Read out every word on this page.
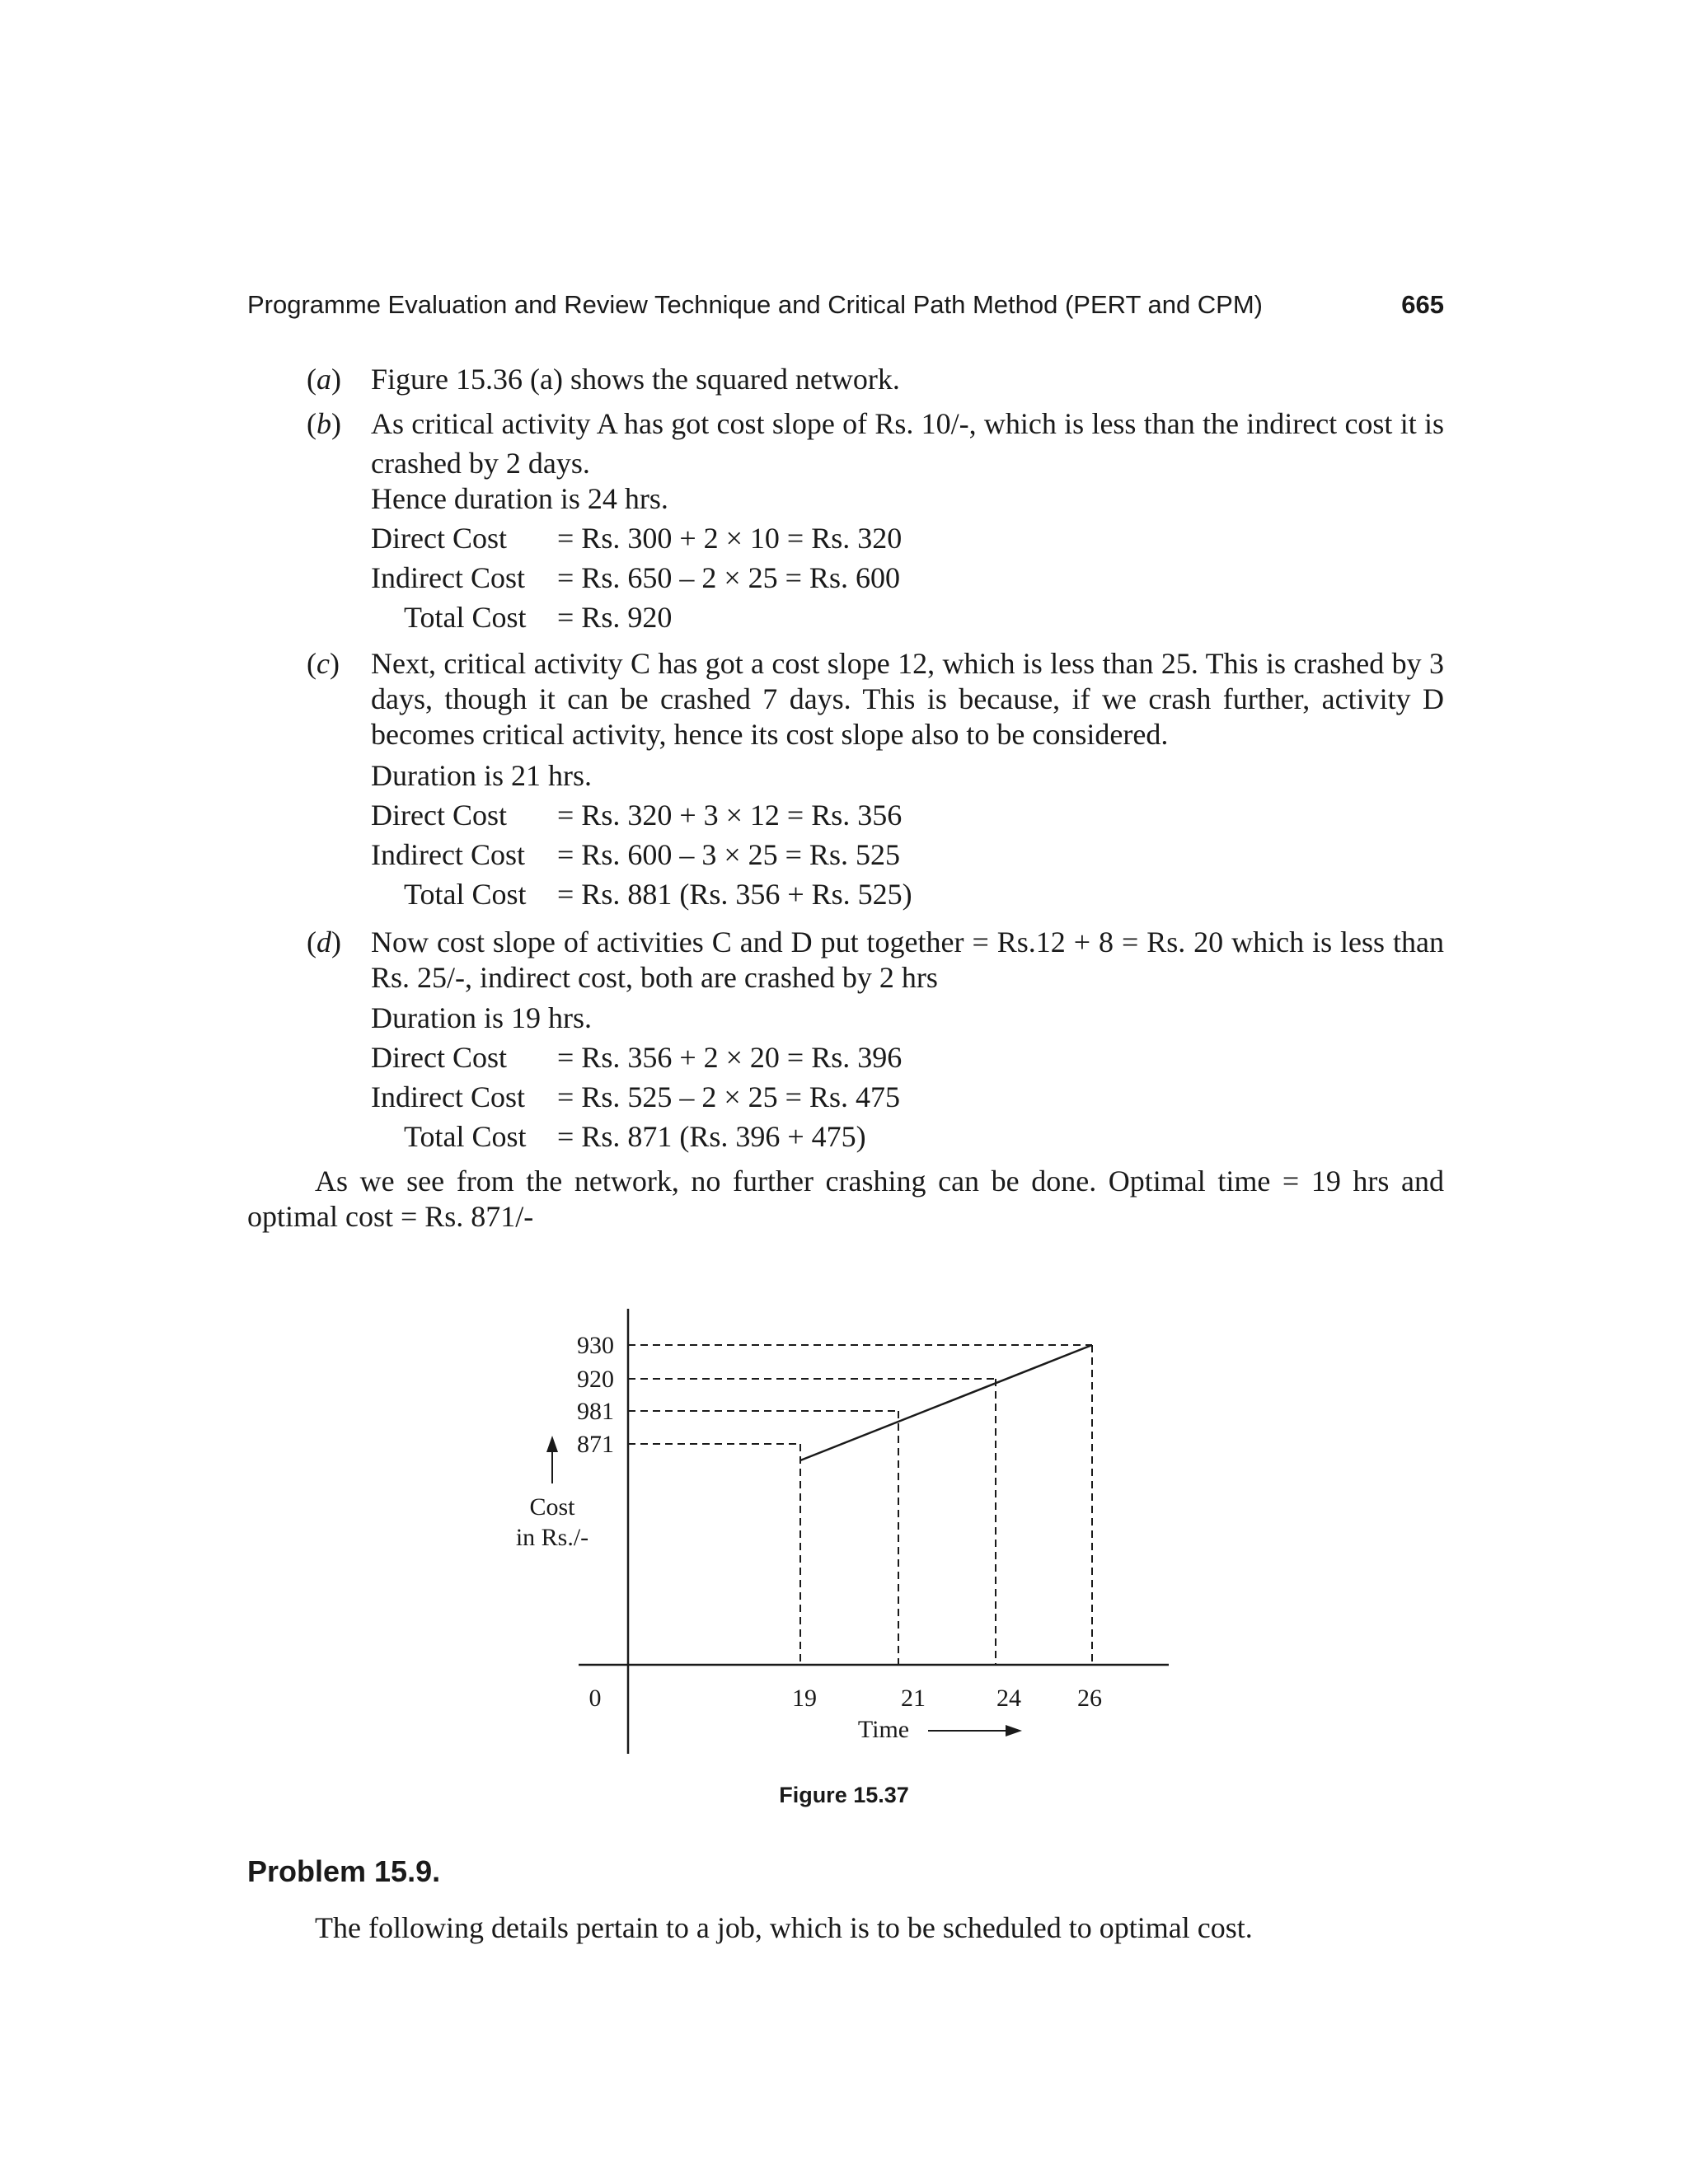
Programme Evaluation and Review Technique and Critical Path Method (PERT and CPM)	665
(a) Figure 15.36 (a) shows the squared network.
(b) As critical activity A has got cost slope of Rs. 10/-, which is less than the indirect cost it is crashed by 2 days.
Hence duration is 24 hrs.
Direct Cost = Rs. 300 + 2 × 10 = Rs. 320
Indirect Cost = Rs. 650 – 2 × 25 = Rs. 600
Total Cost = Rs. 920
(c) Next, critical activity C has got a cost slope 12, which is less than 25. This is crashed by 3 days, though it can be crashed 7 days. This is because, if we crash further, activity D becomes critical activity, hence its cost slope also to be considered.
Duration is 21 hrs.
Direct Cost = Rs. 320 + 3 × 12 = Rs. 356
Indirect Cost = Rs. 600 – 3 × 25 = Rs. 525
Total Cost = Rs. 881 (Rs. 356 + Rs. 525)
(d) Now cost slope of activities C and D put together = Rs.12 + 8 = Rs. 20 which is less than Rs. 25/-, indirect cost, both are crashed by 2 hrs
Duration is 19 hrs.
Direct Cost = Rs. 356 + 2 × 20 = Rs. 396
Indirect Cost = Rs. 525 – 2 × 25 = Rs. 475
Total Cost = Rs. 871 (Rs. 396 + 475)
As we see from the network, no further crashing can be done. Optimal time = 19 hrs and optimal cost = Rs. 871/-
871
981
920
930
19	21	24 26
0
Time
Cost
in Rs./-
Figure 15.37
Problem 15.9.
The following details pertain to a job, which is to be scheduled to optimal cost.
